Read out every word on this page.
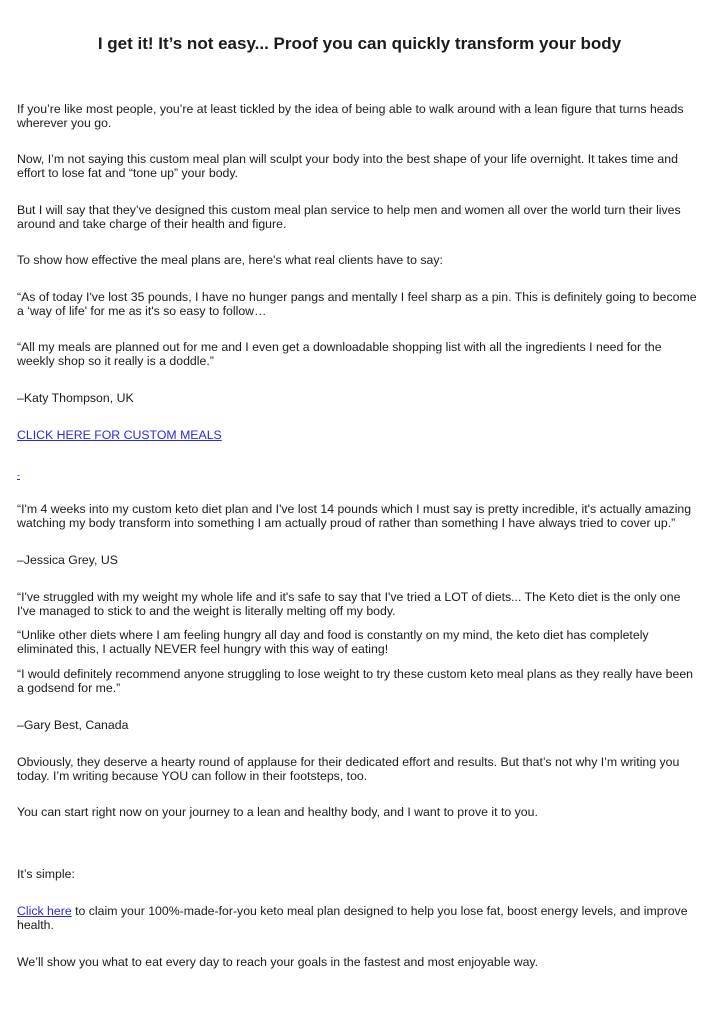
I get it! It’s not easy... Proof you can quickly transform your body

If you’re like most people, you’re at least tickled by the idea of being able to walk around with a lean figure that turns heads wherever you go.

Now, I’m not saying this custom meal plan will sculpt your body into the best shape of your life overnight. It takes time and effort to lose fat and “tone up” your body.

But I will say that they’ve designed this custom meal plan service to help men and women all over the world turn their lives around and take charge of their health and figure.

To show how effective the meal plans are, here's what real clients have to say:

“As of today I've lost 35 pounds, I have no hunger pangs and mentally I feel sharp as a pin. This is definitely going to become a ‘way of life' for me as it's so easy to follow…

“All my meals are planned out for me and I even get a downloadable shopping list with all the ingredients I need for the weekly shop so it really is a doddle.”

–Katy Thompson, UK

CLICK HERE FOR CUSTOM MEALS

-

“I'm 4 weeks into my custom keto diet plan and I've lost 14 pounds which I must say is pretty incredible, it's actually amazing watching my body transform into something I am actually proud of rather than something I have always tried to cover up.”

–Jessica Grey, US

“I've struggled with my weight my whole life and it's safe to say that I've tried a LOT of diets... The Keto diet is the only one I've managed to stick to and the weight is literally melting off my body.

“Unlike other diets where I am feeling hungry all day and food is constantly on my mind, the keto diet has completely eliminated this, I actually NEVER feel hungry with this way of eating!

“I would definitely recommend anyone struggling to lose weight to try these custom keto meal plans as they really have been a godsend for me.”

–Gary Best, Canada

Obviously, they deserve a hearty round of applause for their dedicated effort and results. But that’s not why I’m writing you today. I’m writing because YOU can follow in their footsteps, too.

You can start right now on your journey to a lean and healthy body, and I want to prove it to you.

It’s simple:

Click here to claim your 100%-made-for-you keto meal plan designed to help you lose fat, boost energy levels, and improve health.

We’ll show you what to eat every day to reach your goals in the fastest and most enjoyable way.
